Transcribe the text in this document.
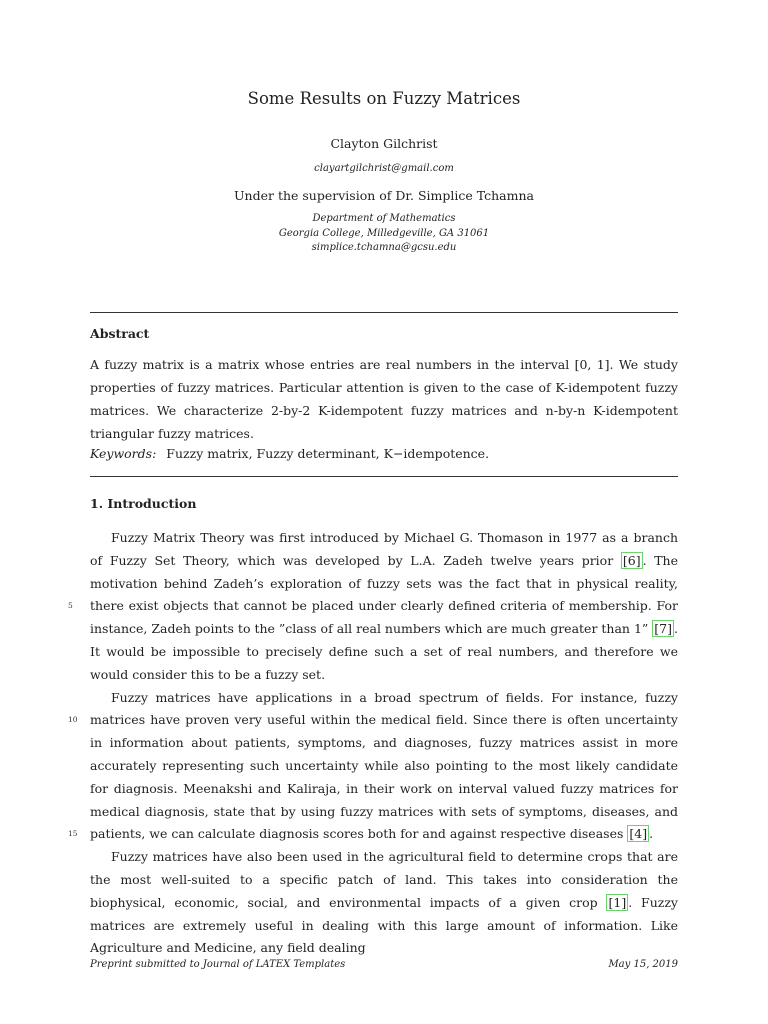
Some Results on Fuzzy Matrices
Clayton Gilchrist
clayartgilchrist@gmail.com
Under the supervision of Dr. Simplice Tchamna
Department of Mathematics
Georgia College, Milledgeville, GA 31061
simplice.tchamna@gcsu.edu
Abstract

A fuzzy matrix is a matrix whose entries are real numbers in the interval [0, 1]. We study properties of fuzzy matrices. Particular attention is given to the case of K-idempotent fuzzy matrices. We characterize 2-by-2 K-idempotent fuzzy matrices and n-by-n K-idempotent triangular fuzzy matrices.

Keywords: Fuzzy matrix, Fuzzy determinant, K−idempotence.
1. Introduction

Fuzzy Matrix Theory was first introduced by Michael G. Thomason in 1977 as a branch of Fuzzy Set Theory, which was developed by L.A. Zadeh twelve years prior [6] . The motivation behind Zadeh’s exploration of fuzzy sets was the fact that in physical reality, there exist objects that cannot be placed under clearly defined criteria of membership. For instance, Zadeh points to the ”class of all real numbers which are much greater than 1” [7] . It would be impossible to precisely define such a set of real numbers, and therefore we would consider this to be a fuzzy set.

Fuzzy matrices have applications in a broad spectrum of fields. For instance, fuzzy matrices have proven very useful within the medical field. Since there is often uncertainty in information about patients, symptoms, and diagnoses, fuzzy matrices assist in more accurately representing such uncertainty while also pointing to the most likely candidate for diagnosis. Meenakshi and Kaliraja, in their work on interval valued fuzzy matrices for medical diagnosis, state that by using fuzzy matrices with sets of symptoms, diseases, and patients, we can calculate diagnosis scores both for and against respective diseases [4] .

Fuzzy matrices have also been used in the agricultural field to determine crops that are the most well-suited to a specific patch of land. This takes into consideration the biophysical, economic, social, and environmental impacts of a given crop [1] . Fuzzy matrices are extremely useful in dealing with this large amount of information. Like Agriculture and Medicine, any field dealing

5
10
15
Preprint submitted to Journal of LATEX Templates	May 15, 2019
